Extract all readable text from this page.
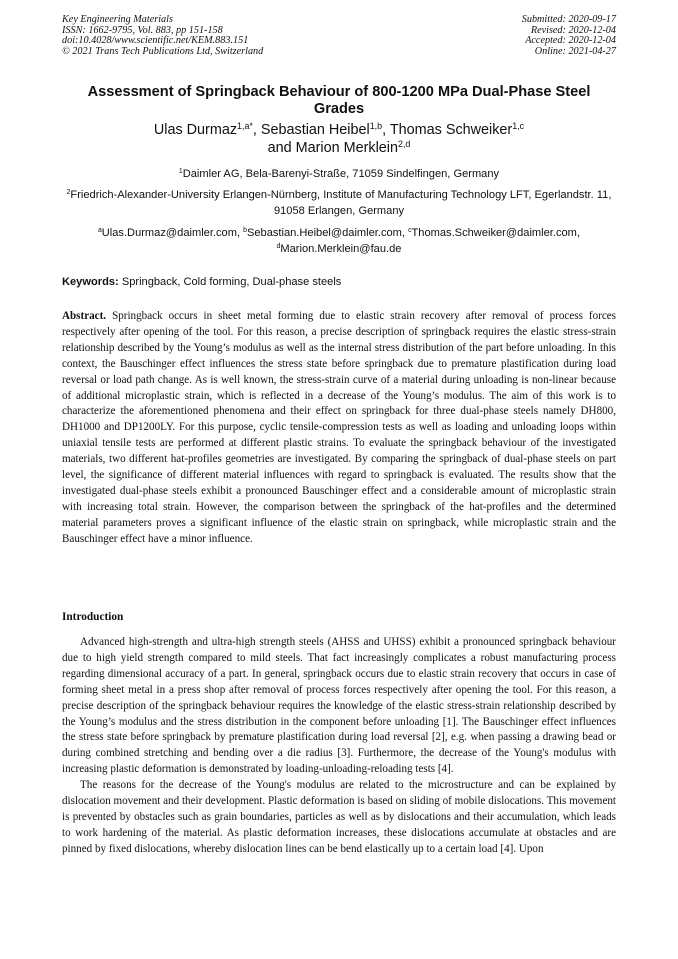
Key Engineering Materials
ISSN: 1662-9795, Vol. 883, pp 151-158
doi:10.4028/www.scientific.net/KEM.883.151
© 2021 Trans Tech Publications Ltd, Switzerland
Submitted: 2020-09-17
Revised: 2020-12-04
Accepted: 2020-12-04
Online: 2021-04-27
Assessment of Springback Behaviour of 800-1200 MPa Dual-Phase Steel Grades
Ulas Durmaz$^{1,a*}$, Sebastian Heibel$^{1,b}$, Thomas Schweiker$^{1,c}$
and Marion Merklein$^{2,d}$
$^1$Daimler AG, Bela-Barenyi-Straße, 71059 Sindelfingen, Germany
$^2$Friedrich-Alexander-University Erlangen-Nürnberg, Institute of Manufacturing Technology LFT, Egerlandstr. 11, 91058 Erlangen, Germany
$^a$Ulas.Durmaz@daimler.com, $^b$Sebastian.Heibel@daimler.com, $^c$Thomas.Schweiker@daimler.com,
$^d$Marion.Merklein@fau.de
Keywords: Springback, Cold forming, Dual-phase steels
Abstract. Springback occurs in sheet metal forming due to elastic strain recovery after removal of process forces respectively after opening of the tool. For this reason, a precise description of springback requires the elastic stress-strain relationship described by the Young’s modulus as well as the internal stress distribution of the part before unloading. In this context, the Bauschinger effect influences the stress state before springback due to premature plastification during load reversal or load path change. As is well known, the stress-strain curve of a material during unloading is non-linear because of additional microplastic strain, which is reflected in a decrease of the Young’s modulus. The aim of this work is to characterize the aforementioned phenomena and their effect on springback for three dual-phase steels namely DH800, DH1000 and DP1200LY. For this purpose, cyclic tensile-compression tests as well as loading and unloading loops within uniaxial tensile tests are performed at different plastic strains. To evaluate the springback behaviour of the investigated materials, two different hat-profiles geometries are investigated. By comparing the springback of dual-phase steels on part level, the significance of different material influences with regard to springback is evaluated. The results show that the investigated dual-phase steels exhibit a pronounced Bauschinger effect and a considerable amount of microplastic strain with increasing total strain. However, the comparison between the springback of the hat-profiles and the determined material parameters proves a significant influence of the elastic strain on springback, while microplastic strain and the Bauschinger effect have a minor influence.
Introduction

Advanced high-strength and ultra-high strength steels (AHSS and UHSS) exhibit a pronounced springback behaviour due to high yield strength compared to mild steels. That fact increasingly complicates a robust manufacturing process regarding dimensional accuracy of a part. In general, springback occurs due to elastic strain recovery that occurs in case of forming sheet metal in a press shop after removal of process forces respectively after opening the tool. For this reason, a precise description of the springback behaviour requires the knowledge of the elastic stress-strain relationship described by the Young’s modulus and the stress distribution in the component before unloading [1]. The Bauschinger effect influences the stress state before springback by premature plastification during load reversal [2], e.g. when passing a drawing bead or during combined stretching and bending over a die radius [3]. Furthermore, the decrease of the Young's modulus with increasing plastic deformation is demonstrated by loading-unloading-reloading tests [4].

The reasons for the decrease of the Young's modulus are related to the microstructure and can be explained by dislocation movement and their development. Plastic deformation is based on sliding of mobile dislocations. This movement is prevented by obstacles such as grain boundaries, particles as well as by dislocations and their accumulation, which leads to work hardening of the material. As plastic deformation increases, these dislocations accumulate at obstacles and are pinned by fixed dislocations, whereby dislocation lines can be bend elastically up to a certain load [4]. Upon
